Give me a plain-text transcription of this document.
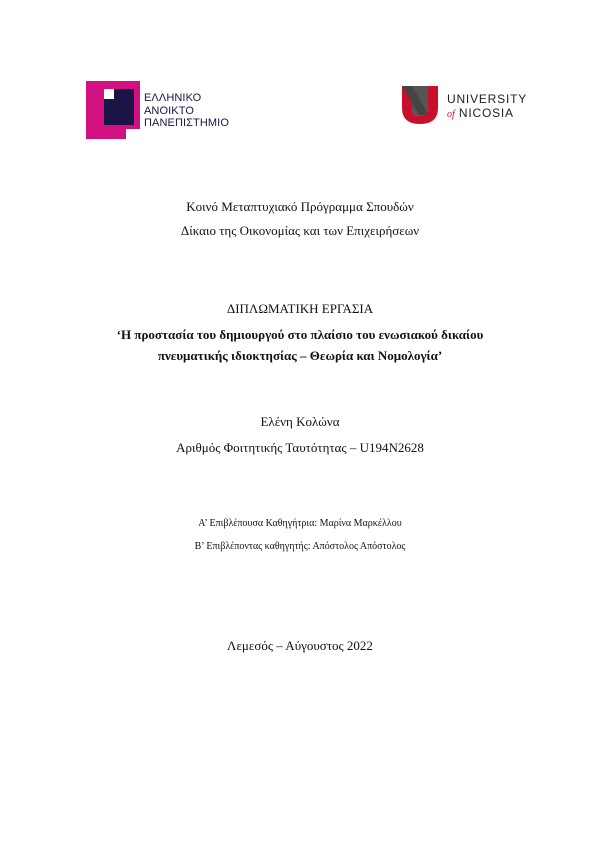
ΕΛΛΗΝΙΚΟ
ΑΝΟΙΚΤΟ
ΠΑΝΕΠΙΣΤΗΜΙΟ
UNIVERSITY
of NICOSIA
Κοινό Μεταπτυχιακό Πρόγραμμα Σπουδών
Δίκαιο της Οικονομίας και των Επιχειρήσεων
ΔΙΠΛΩΜΑΤΙΚΗ ΕΡΓΑΣΙΑ
‘Η προστασία του δημιουργού στο πλαίσιο του ενωσιακού δικαίου
πνευματικής ιδιοκτησίας – Θεωρία και Νομολογία’
Ελένη Κολώνα
Αριθμός Φοιτητικής Ταυτότητας – U194N2628
Α’ Επιβλέπουσα Καθηγήτρια: Μαρίνα Μαρκέλλου
Β’ Επιβλέποντας καθηγητής: Απόστολος Απόστολος
Λεμεσός – Αύγουστος 2022
